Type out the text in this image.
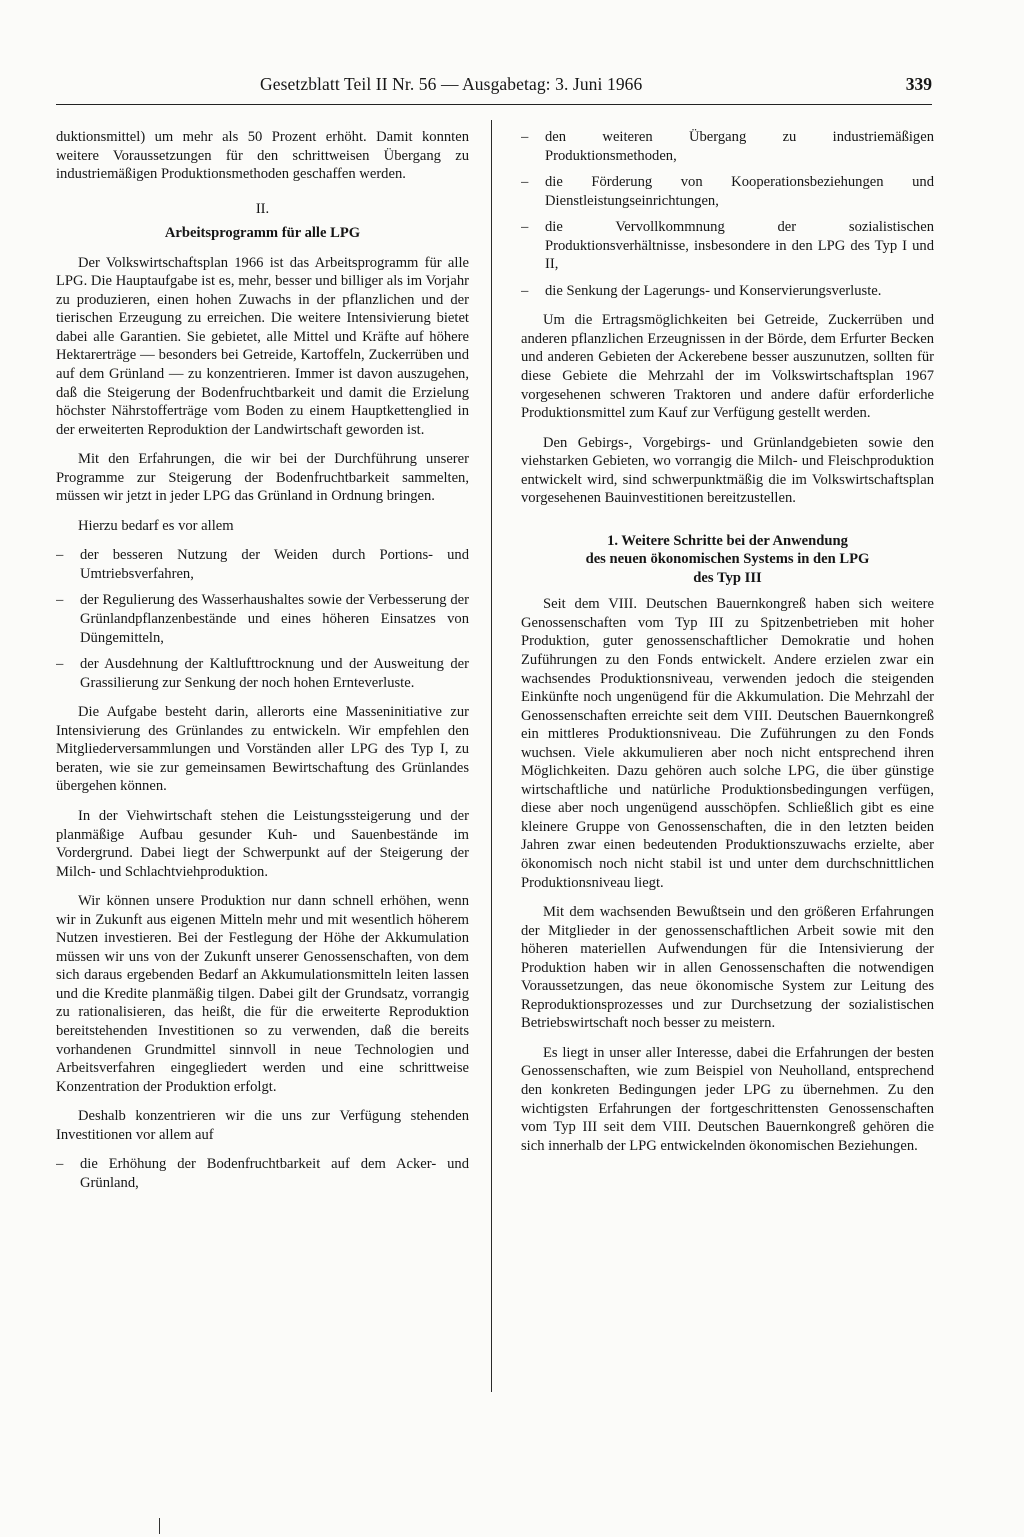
Gesetzblatt Teil II Nr. 56 — Ausgabetag: 3. Juni 1966	339

duktionsmittel) um mehr als 50 Prozent erhöht. Damit konnten weitere Voraussetzungen für den schrittweisen Übergang zu industriemäßigen Produktionsmethoden geschaffen werden.

II.
Arbeitsprogramm für alle LPG

Der Volkswirtschaftsplan 1966 ist das Arbeitsprogramm für alle LPG. Die Hauptaufgabe ist es, mehr, besser und billiger als im Vorjahr zu produzieren, einen hohen Zuwachs in der pflanzlichen und der tierischen Erzeugung zu erreichen. Die weitere Intensivierung bietet dabei alle Garantien. Sie gebietet, alle Mittel und Kräfte auf höhere Hektarerträge — besonders bei Getreide, Kartoffeln, Zuckerrüben und auf dem Grünland — zu konzentrieren. Immer ist davon auszugehen, daß die Steigerung der Bodenfruchtbarkeit und damit die Erzielung höchster Nährstofferträge vom Boden zu einem Hauptkettenglied in der erweiterten Reproduktion der Landwirtschaft geworden ist.

Mit den Erfahrungen, die wir bei der Durchführung unserer Programme zur Steigerung der Bodenfruchtbarkeit sammelten, müssen wir jetzt in jeder LPG das Grünland in Ordnung bringen.

Hierzu bedarf es vor allem

– der besseren Nutzung der Weiden durch Portions- und Umtriebsverfahren,
– der Regulierung des Wasserhaushaltes sowie der Verbesserung der Grünlandpflanzenbestände und eines höheren Einsatzes von Düngemitteln,
– der Ausdehnung der Kaltlufttrocknung und der Ausweitung der Grassilierung zur Senkung der noch hohen Ernteverluste.

Die Aufgabe besteht darin, allerorts eine Masseninitiative zur Intensivierung des Grünlandes zu entwickeln. Wir empfehlen den Mitgliederversammlungen und Vorständen aller LPG des Typ I, zu beraten, wie sie zur gemeinsamen Bewirtschaftung des Grünlandes übergehen können.

In der Viehwirtschaft stehen die Leistungssteigerung und der planmäßige Aufbau gesunder Kuh- und Sauenbestände im Vordergrund. Dabei liegt der Schwerpunkt auf der Steigerung der Milch- und Schlachtviehproduktion.

Wir können unsere Produktion nur dann schnell erhöhen, wenn wir in Zukunft aus eigenen Mitteln mehr und mit wesentlich höherem Nutzen investieren. Bei der Festlegung der Höhe der Akkumulation müssen wir uns von der Zukunft unserer Genossenschaften, von dem sich daraus ergebenden Bedarf an Akkumulationsmitteln leiten lassen und die Kredite planmäßig tilgen. Dabei gilt der Grundsatz, vorrangig zu rationalisieren, das heißt, die für die erweiterte Reproduktion bereitstehenden Investitionen so zu verwenden, daß die bereits vorhandenen Grundmittel sinnvoll in neue Technologien und Arbeitsverfahren eingegliedert werden und eine schrittweise Konzentration der Produktion erfolgt.

Deshalb konzentrieren wir die uns zur Verfügung stehenden Investitionen vor allem auf

– die Erhöhung der Bodenfruchtbarkeit auf dem Acker- und Grünland,
– den weiteren Übergang zu industriemäßigen Produktionsmethoden,
– die Förderung von Kooperationsbeziehungen und Dienstleistungseinrichtungen,
– die Vervollkommnung der sozialistischen Produktionsverhältnisse, insbesondere in den LPG des Typ I und II,
– die Senkung der Lagerungs- und Konservierungsverluste.

Um die Ertragsmöglichkeiten bei Getreide, Zuckerrüben und anderen pflanzlichen Erzeugnissen in der Börde, dem Erfurter Becken und anderen Gebieten der Ackerebene besser auszunutzen, sollten für diese Gebiete die Mehrzahl der im Volkswirtschaftsplan 1967 vorgesehenen schweren Traktoren und andere dafür erforderliche Produktionsmittel zum Kauf zur Verfügung gestellt werden.

Den Gebirgs-, Vorgebirgs- und Grünlandgebieten sowie den viehstarken Gebieten, wo vorrangig die Milch- und Fleischproduktion entwickelt wird, sind schwerpunktmäßig die im Volkswirtschaftsplan vorgesehenen Bauinvestitionen bereitzustellen.

1. Weitere Schritte bei der Anwendung
des neuen ökonomischen Systems in den LPG
des Typ III

Seit dem VIII. Deutschen Bauernkongreß haben sich weitere Genossenschaften vom Typ III zu Spitzenbetrieben mit hoher Produktion, guter genossenschaftlicher Demokratie und hohen Zuführungen zu den Fonds entwickelt. Andere erzielen zwar ein wachsendes Produktionsniveau, verwenden jedoch die steigenden Einkünfte noch ungenügend für die Akkumulation. Die Mehrzahl der Genossenschaften erreichte seit dem VIII. Deutschen Bauernkongreß ein mittleres Produktionsniveau. Die Zuführungen zu den Fonds wuchsen. Viele akkumulieren aber noch nicht entsprechend ihren Möglichkeiten. Dazu gehören auch solche LPG, die über günstige wirtschaftliche und natürliche Produktionsbedingungen verfügen, diese aber noch ungenügend ausschöpfen. Schließlich gibt es eine kleinere Gruppe von Genossenschaften, die in den letzten beiden Jahren zwar einen bedeutenden Produktionszuwachs erzielte, aber ökonomisch noch nicht stabil ist und unter dem durchschnittlichen Produktionsniveau liegt.

Mit dem wachsenden Bewußtsein und den größeren Erfahrungen der Mitglieder in der genossenschaftlichen Arbeit sowie mit den höheren materiellen Aufwendungen für die Intensivierung der Produktion haben wir in allen Genossenschaften die notwendigen Voraussetzungen, das neue ökonomische System zur Leitung des Reproduktionsprozesses und zur Durchsetzung der sozialistischen Betriebswirtschaft noch besser zu meistern.

Es liegt in unser aller Interesse, dabei die Erfahrungen der besten Genossenschaften, wie zum Beispiel von Neuholland, entsprechend den konkreten Bedingungen jeder LPG zu übernehmen. Zu den wichtigsten Erfahrungen der fortgeschrittensten Genossenschaften vom Typ III seit dem VIII. Deutschen Bauernkongreß gehören die sich innerhalb der LPG entwickelnden ökonomischen Beziehungen.
